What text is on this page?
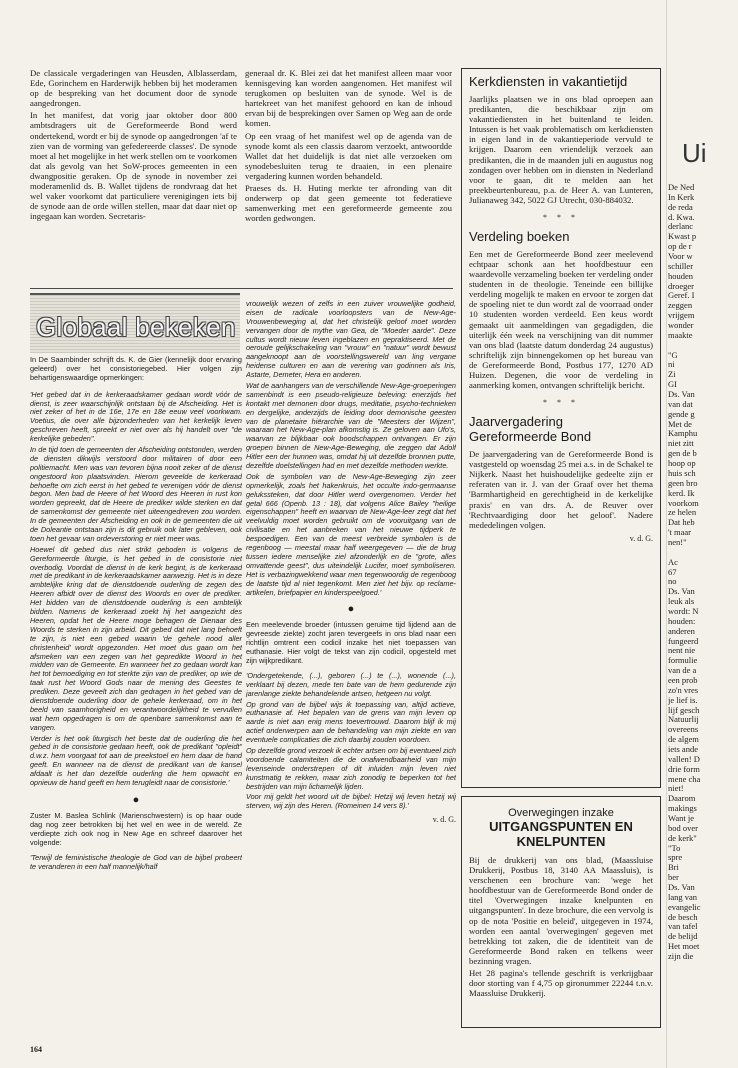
De classicale vergaderingen van Heusden, Alblasserdam, Ede, Gorinchem en Harderwijk hebben bij het moderamen op de bespreking van het document door de synode aangedrongen.

In het manifest, dat vorig jaar oktober door 800 ambtsdragers uit de Gereformeerde Bond werd ondertekend, wordt er bij de synode op aangedrongen 'af te zien van de vorming van gefedereerde classes'. De synode moet al het mogelijke in het werk stellen om te voorkomen dat als gevolg van het SoW-proces gemeenten in een dwangpositie geraken. Op de synode in november zei moderamenlid ds. B. Wallet tijdens de rondvraag dat het wel vaker voorkomt dat particuliere verenigingen iets bij de synode aan de orde willen stellen, maar dat daar niet op ingegaan kan worden. Secretaris-

generaal dr. K. Blei zei dat het manifest alleen maar voor kennisgeving kan worden aangenomen. Het manifest wil terugkomen op besluiten van de synode. Wel is de hartekreet van het manifest gehoord en kan de inhoud ervan bij de besprekingen over Samen op Weg aan de orde komen.

Op een vraag of het manifest wel op de agenda van de synode komt als een classis daarom verzoekt, antwoordde Wallet dat het duidelijk is dat niet alle verzoeken om synodebesluiten terug te draaien, in een plenaire vergadering kunnen worden behandeld.

Praeses ds. H. Huting merkte ter afronding van dit onderwerp op dat geen gemeente tot federatieve samenwerking met een gereformeerde gemeente zou worden gedwongen.

Globaal bekeken

In De Saambinder schrijft ds. K. de Gier (kennelijk door ervaring geleerd) over het consistoriegebed. Hier volgen zijn behartigenswaardige opmerkingen:

'Het gebed dat in de kerkeraadskamer gedaan wordt vóór de dienst, is zeer waarschijnlijk ontstaan bij de Afscheiding. Het is niet zeker of het in de 16e, 17e en 18e eeuw veel voorkwam. Voetius, die over alle bijzonderheden van het kerkelijk leven geschreven heeft, spreekt er niet over als hij handelt over "de kerkelijke gebeden".

In de tijd toen de gemeenten der Afscheiding ontstonden, werden de diensten dikwijls verstoord door militairen of door een politiemacht. Men was van tevoren bijna nooit zeker of de dienst ongestoord kon plaatsvinden. Hierom geveelde de kerkeraad behoefte om zich eerst in het gebed te verenigen vóór de dienst begon. Men bad de Heere of het Woord des Heeren in rust kon worden gepreekt, dat de Heere de prediker wilde sterken en dat de samenkomst der gemeente niet uiteengedreven zou worden. In de gemeenten der Afscheiding en ook in de gemeenten die uit de Doleantie ontstaan zijn is dit gebruik ook later gebleven, ook toen het gevaar van ordeverstoring er niet meer was.

Hoewel dit gebed dus niet strikt geboden is volgens de Gereformeerde liturgie, is het gebed in de consistorie niet overbodig. Voordat de dienst in de kerk begint, is de kerkeraad met de predikant in de kerkeraadskamer aanwezig. Het is in deze ambtelijke kring dat de dienstdoende ouderling de zegen des Heeren afbidt over de dienst des Woords en over de prediker. Het bidden van de dienstdoende ouderling is een ambtelijk bidden. Namens de kerkeraad zoekt hij het aangezicht des Heeren, opdat het de Heere moge behagen de Dienaar des Woords te sterken in zijn arbeid. Dit gebed dat niet lang behoeft te zijn, is niet een gebed waarin 'de gehele nood aller christenheid' wordt opgezonden. Het moet dus gaan om het afsmeken van een zegen van het gepredikte Woord in het midden van de Gemeente. En wanneer het zo gedaan wordt kan het tot bemoediging en tot sterkte zijn van de prediker, op wie de taak rust het Woord Gods naar de mening des Geestes te prediken. Deze geveelt zich dan gedragen in het gebed van de dienstdoende ouderling door de gehele kerkeraad, om in het beeld van saamhorigheid en verantwoordelijkheid te vervullen wat hem opgedragen is om de openbare samenkomst aan te vangen.

Verder is het ook liturgisch het beste dat de ouderling die het gebed in de consistorie gedaan heeft, ook de predikant "opleidt" d.w.z. hem voorgaat tot aan de preekstoel en hem daar de hand geeft. En wanneer na de dienst de predikant van de kansel afdaalt is het dan dezelfde ouderling die hem opwacht en opnieuw de hand geeft en hem terugleidt naar de consistorie.'

●

Zuster M. Baslea Schlink (Marienschwestern) is op haar oude dag nog zeer betrokken bij het wel en wee in de wereld. Ze verdiepte zich ook nog in New Age en schreef daarover het volgende:

'Terwijl de feministische theologie de God van de bijbel probeert te veranderen in een half mannelijk/half

vrouwelijk wezen of zelfs in een zuiver vrouwelijke godheid, eisen de radicale voorloopsters van de New-Age-Vrouwenbeweging al, dat het christelijk geloof moet worden vervangen door de mythe van Gea, de "Moeder aarde". Deze cultus wordt nieuw leven ingeblazen en gepraktiseerd. Met de oeroude gelijkschakeling van "vrouw" en "natuur" wordt bewust aangeknoopt aan de voorstellingswereld van ling vergane heidense culturen en aan de verering van godinnen als Iris, Astarte, Demeter, Hera en anderen.

Wat de aanhangers van de verschillende New-Age-groeperingen samenbindt is een pseudo-religieuze beleving: enerzijds het kontakt met demonen door drugs, meditatie, psycho-technieken en dergelijke, anderzijds de leiding door demonische geesten van de planetaire hiërarchie van de "Meesters der Wijzen", waaraan het New-Age-plan afkomstig is. Ze geloven aan Ufo's, waarvan ze blijkbaar ook boodschappen ontvangen. Er zijn groepen binnen de New-Age-Beweging, die zeggen dat Adolf Hitler een der hunnen was, omdat hij uit dezelfde bronnen putte, dezelfde doelstellingen had en met dezelfde methoden werkte.

Ook de symbolen van de New-Age-Beweging zijn zeer opmerkelijk, zoals het hakenkruis, het occulte indo-germaanse gelukssteken, dat door Hitler werd overgenomen. Verder het getal 666 (Openb. 13 : 18), dat volgens Alice Bailey "heilige eigenschappen" heeft en waarvan de New-Age-leer zegt dat het veelvuldig moet worden gebruikt om de vooruitgang van de civilisatie en het aanbreken van het nieuwe tijdperk te bespoedigen. Een van de meest verbreide symbolen is de regenboog — meestal maar half weergegeven — die de brug tussen iedere menselijke ziel afzonderlijk en de "grote, alles omvattende geest", dus uiteindelijk Lucifer, moet symboliseren. Het is verbazingwekkend waar men tegenwoordig de regenboog de laatste tijd al niet tegenkomt. Men ziet het bijv. op reclame-artikelen, briefpapier en kinderspeelgoed.'

●

Een meelevende broeder (intussen geruime tijd lijdend aan de gevreesde ziekte) zocht jaren tevergeefs in ons blad naar een richtlijn omtrent een codicil inzake het niet toepassen van euthanasie. Hier volgt de tekst van zijn codicil, opgesteld met zijn wijkpredikant.

'Ondergetekende, (...), geboren (...) te (...), wonende (...), verklaart bij dezen, mede ten bate van de hem gedurende zijn jarenlange ziekte behandelende artsen, hetgeen nu volgt.

Op grond van de bijbel wijs ik toepassing van, altijd actieve, euthanasie af. Het bepalen van de grens van mijn leven op aarde is niet aan enig mens toevertrouwd. Daarom blijf ik mij actief onderwerpen aan de behandeling van mijn ziekte en van eventuele complicaties die zich daarbij zouden voordoen.

Op dezelfde grond verzoek ik echter artsen om bij eventueel zich voordoende calamiteiten die de onafwendbaarheid van mijn levenseinde onderstrepen of dit inluiden mijn leven niet kunstmatig te rekken, maar zich zonodig te beperken tot het bestrijden van mijn lichamelijk lijden.

Voor mij geldt het woord uit de bijbel: Hetzij wij leven hetzij wij sterven, wij zijn des Heren. (Romeinen 14 vers 8).'

v. d. G.
Kerkdiensten in vakantietijd

Jaarlijks plaatsen we in ons blad oproepen aan predikanten, die beschikbaar zijn om vakantiediensten in het buitenland te leiden. Intussen is het vaak problematisch om kerkdiensten in eigen land in de vakantieperiode vervuld te krijgen. Daarom een vriendelijk verzoek aan predikanten, die in de maanden juli en augustus nog zondagen over hebben om in diensten in Nederland voor te gaan, dit te melden aan het preekbeurtenbureau, p.a. de Heer A. van Lunteren, Julianaweg 342, 5022 GJ Utrecht, 030-884032.

* * *
Verdeling boeken

Een met de Gereformeerde Bond zeer meelevend echtpaar schonk aan het hoofdbestuur een waardevolle verzameling boeken ter verdeling onder studenten in de theologie. Teneinde een billijke verdeling mogelijk te maken en ervoor te zorgen dat de spoeling niet te dun wordt zal de voorraad onder 10 studenten worden verdeeld. Een keus wordt gemaakt uit aanmeldingen van gegadigden, die uiterlijk één week na verschijning van dit nummer van ons blad (laatste datum donderdag 24 augustus) schriftelijk zijn binnengekomen op het bureau van de Gereformeerde Bond, Postbus 177, 1270 AD Huizen. Degenen, die voor de verdeling in aanmerking komen, ontvangen schriftelijk bericht.

* * *
Jaarvergadering Gereformeerde Bond

De jaarvergadering van de Gereformeerde Bond is vastgesteld op woensdag 25 mei a.s. in de Schakel te Nijkerk. Naast het huishoudelijke gedeelte zijn er referaten van ir. J. van der Graaf over het thema 'Barmhartigheid en gerechtigheid in de kerkelijke praxis' en van drs. A. de Reuver over 'Rechtvaardiging door het geloof'. Nadere mededelingen volgen.

v. d. G.
Overwegingen inzake
UITGANGSPUNTEN EN KNELPUNTEN

Bij de drukkerij van ons blad, (Maassluise Drukkerij, Postbus 18, 3140 AA Maassluis), is verschenen een brochure van: 'wege het hoofdbestuur van de Gereformeerde Bond onder de titel 'Overwegingen inzake knelpunten en uitgangspunten'. In deze brochure, die een vervolg is op de nota 'Positie en beleid', uitgegeven in 1974, worden een aantal 'overwegingen' gegeven met betrekking tot zaken, die de identiteit van de Gereformeerde Bond raken en telkens weer bezinning vragen.

Het 28 pagina's tellende geschrift is verkrijgbaar door storting van f 4,75 op gironummer 22244 t.n.v. Maassluise Drukkerij.

Ui
De Ned
In Kerk
de reda
d. Kwa.
derlanc
Kwast p
op de r
Voor w
schiller
houden
droeger
Geref. I
zeggen
vrijgem
wonder
maakte

"G
ni
Zi
GI
Ds. Van
van dat
gende g
Met de
Kamphu
niet zitt
gen de b
hoop op
huis sch
geen bro
kerd. Ik
voorkom
ze helen
Dat heb
't maar
nen!"

Ac
67
no
Ds. Van
leuk als
wordt: N
houden:
anderen
fungeerd
nent nie
formulie
van de a
een prob
zo'n vres
je lief is.
lijf gesch
Natuurlij
overeens
de algem
iets ande
vallen! D
drie form
mene cha
niet!
Daarom
makings
Want je
bod over
de kerk"
"To
spre
Bri
ber
Ds. Van
lang van
evangelic
de besch
van tafel
de belijd
Het moet
zijn die
164
